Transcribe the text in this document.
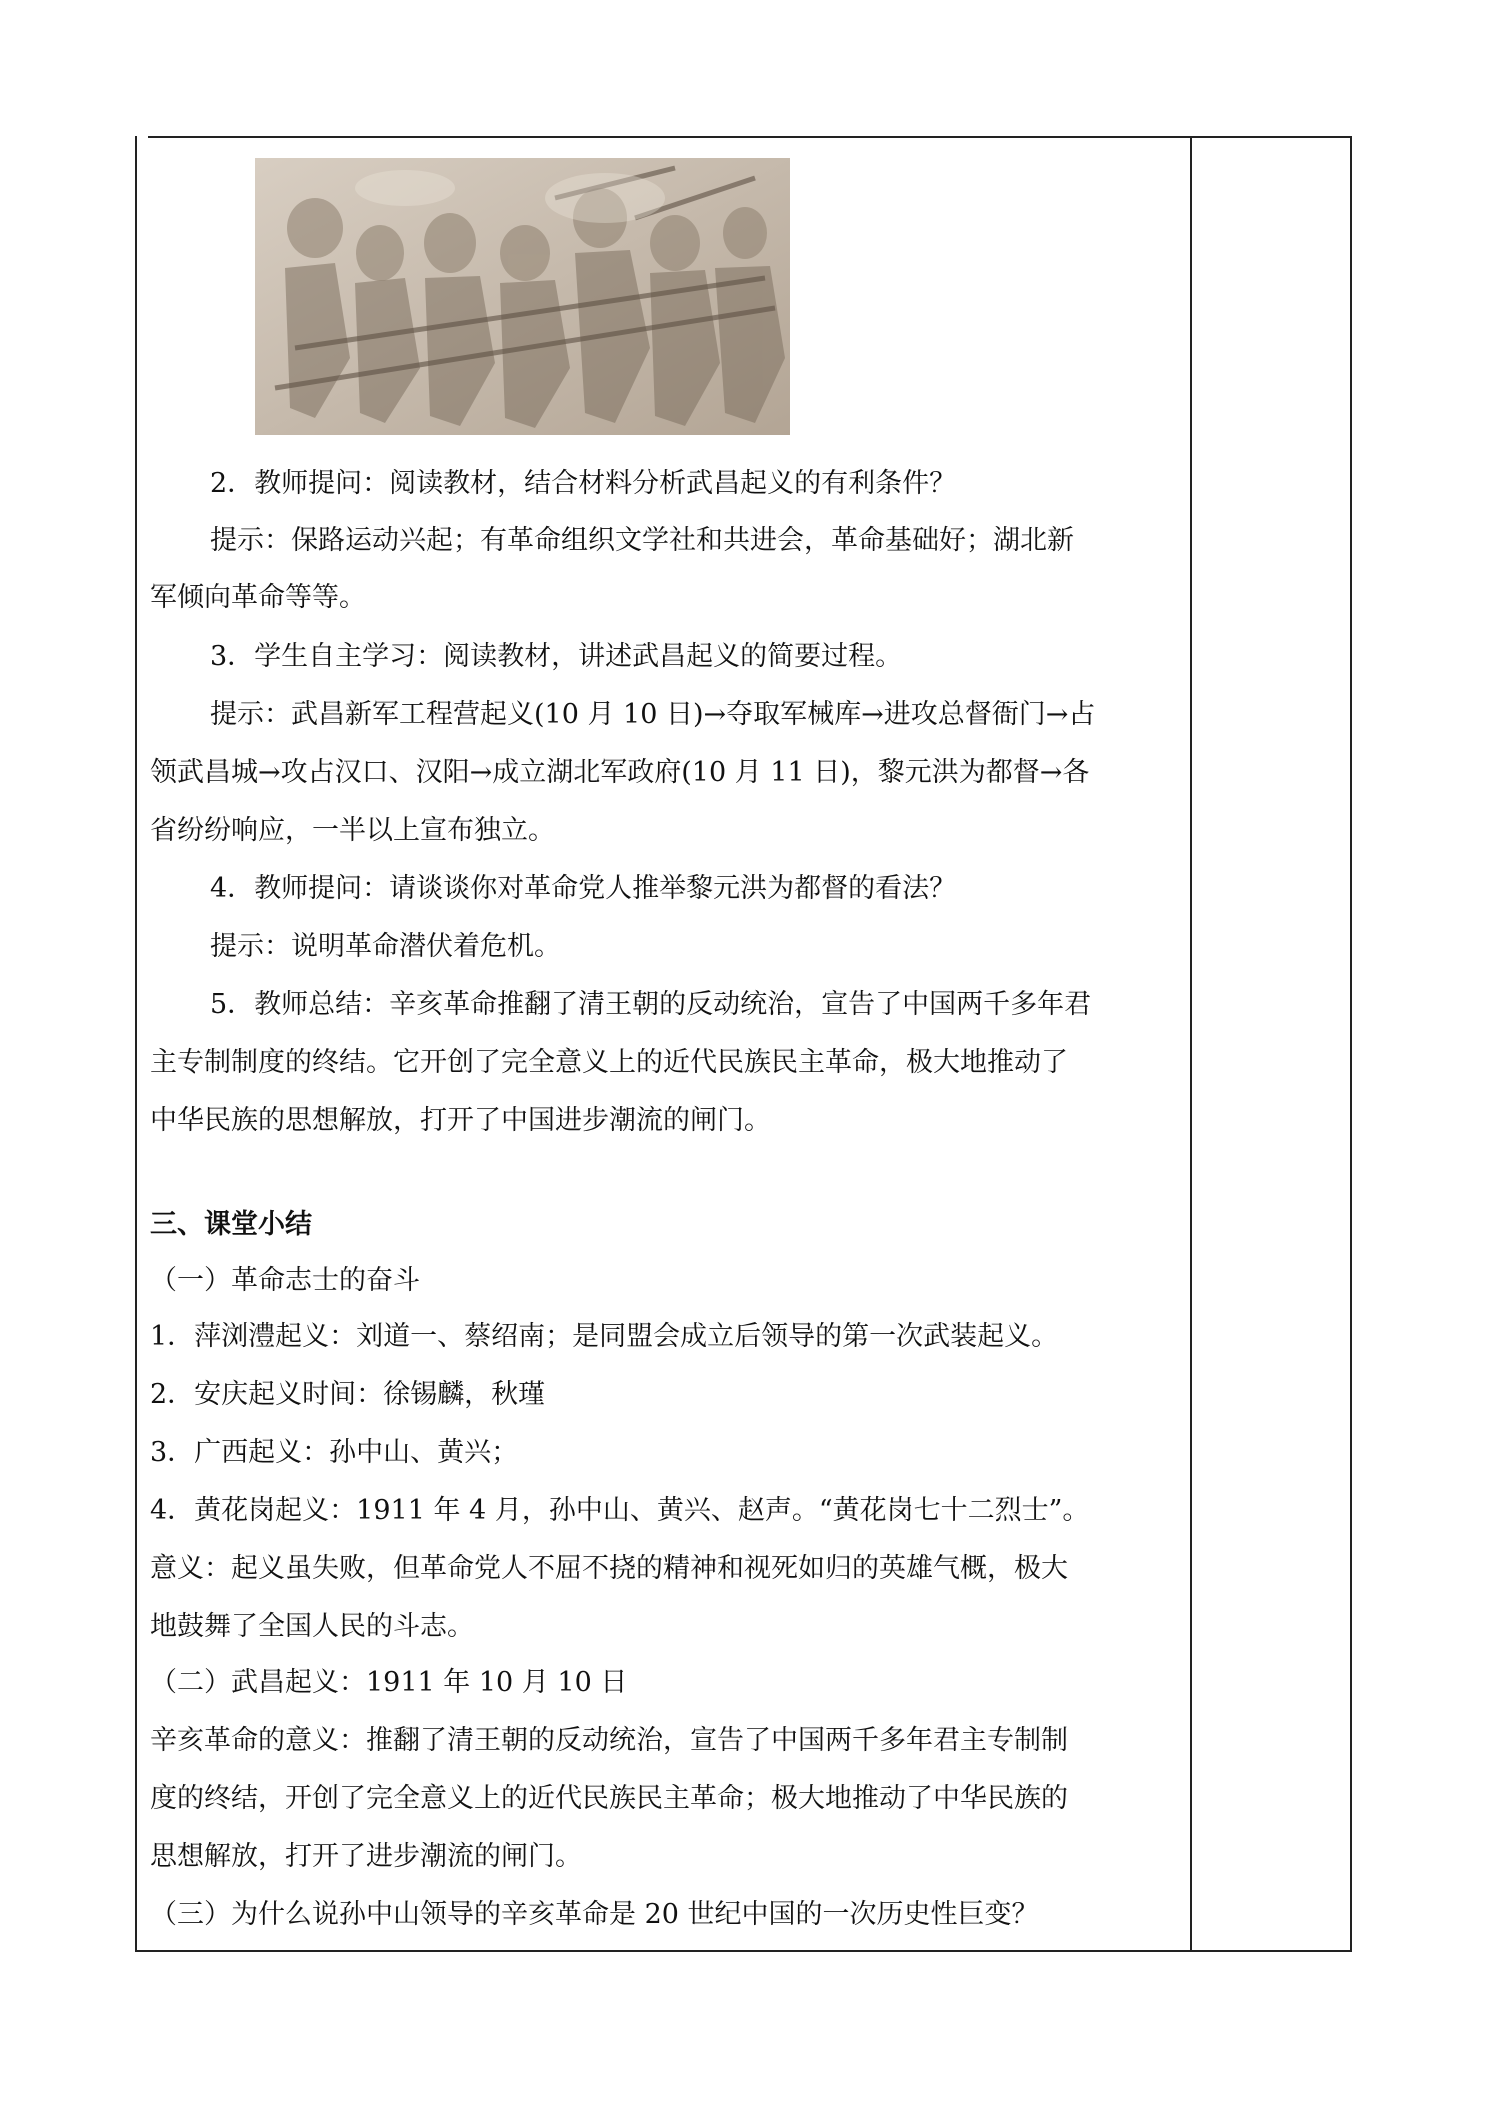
2．教师提问：阅读教材，结合材料分析武昌起义的有利条件？
提示：保路运动兴起；有革命组织文学社和共进会，革命基础好；湖北新
军倾向革命等等。
3．学生自主学习：阅读教材，讲述武昌起义的简要过程。
提示：武昌新军工程营起义(10 月 10 日)→夺取军械库→进攻总督衙门→占
领武昌城→攻占汉口、汉阳→成立湖北军政府(10 月 11 日)，黎元洪为都督→各
省纷纷响应，一半以上宣布独立。
4．教师提问：请谈谈你对革命党人推举黎元洪为都督的看法？
提示：说明革命潜伏着危机。
5．教师总结：辛亥革命推翻了清王朝的反动统治，宣告了中国两千多年君
主专制制度的终结。它开创了完全意义上的近代民族民主革命，极大地推动了
中华民族的思想解放，打开了中国进步潮流的闸门。
三、课堂小结
（一）革命志士的奋斗
1．萍浏澧起义：刘道一、蔡绍南；是同盟会成立后领导的第一次武装起义。
2．安庆起义时间：徐锡麟，秋瑾
3．广西起义：孙中山、黄兴；
4．黄花岗起义：1911 年 4 月，孙中山、黄兴、赵声。“黄花岗七十二烈士”。
意义：起义虽失败，但革命党人不屈不挠的精神和视死如归的英雄气概，极大
地鼓舞了全国人民的斗志。
（二）武昌起义：1911 年 10 月 10 日
辛亥革命的意义：推翻了清王朝的反动统治，宣告了中国两千多年君主专制制
度的终结，开创了完全意义上的近代民族民主革命；极大地推动了中华民族的
思想解放，打开了进步潮流的闸门。
（三）为什么说孙中山领导的辛亥革命是 20 世纪中国的一次历史性巨变？
